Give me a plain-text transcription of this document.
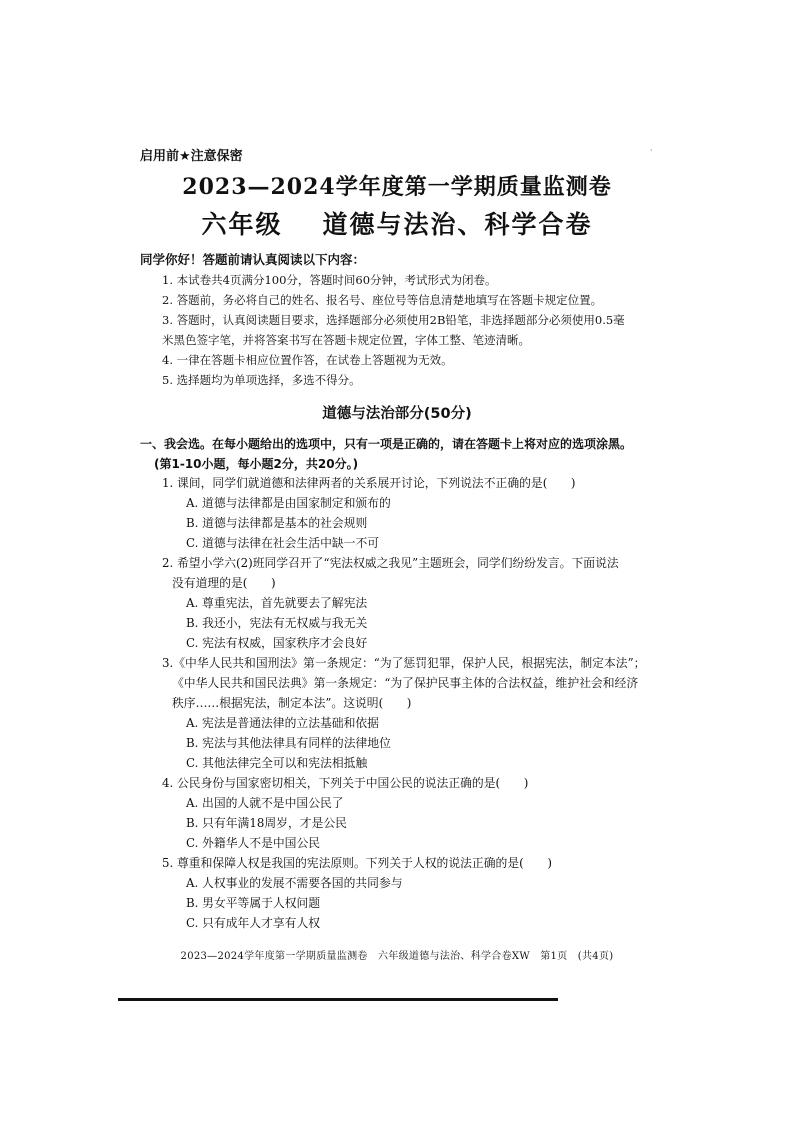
启用前★注意保密	·
2023—2024学年度第一学期质量监测卷
六年级 道德与法治、科学合卷
同学你好！答题前请认真阅读以下内容：
1. 本试卷共4页满分100分，答题时间60分钟，考试形式为闭卷。
2. 答题前，务必将自己的姓名、报名号、座位号等信息清楚地填写在答题卡规定位置。
3. 答题时，认真阅读题目要求，选择题部分必须使用2B铅笔，非选择题部分必须使用0.5毫
米黑色签字笔，并将答案书写在答题卡规定位置，字体工整、笔迹清晰。
4. 一律在答题卡相应位置作答，在试卷上答题视为无效。
5. 选择题均为单项选择，多选不得分。
道德与法治部分(50分)
一、我会选。在每小题给出的选项中，只有一项是正确的，请在答题卡上将对应的选项涂黑。
(第1-10小题，每小题2分，共20分。)
1. 课间，同学们就道德和法律两者的关系展开讨论，下列说法不正确的是(　　)
A. 道德与法律都是由国家制定和颁布的
B. 道德与法律都是基本的社会规则
C. 道德与法律在社会生活中缺一不可
2. 希望小学六(2)班同学召开了“宪法权威之我见”主题班会，同学们纷纷发言。下面说法
没有道理的是(　　)
A. 尊重宪法，首先就要去了解宪法
B. 我还小，宪法有无权威与我无关
C. 宪法有权威，国家秩序才会良好
3.《中华人民共和国刑法》第一条规定：“为了惩罚犯罪，保护人民，根据宪法，制定本法”；
《中华人民共和国民法典》第一条规定：“为了保护民事主体的合法权益，维护社会和经济
秩序……根据宪法，制定本法”。这说明(　　)
A. 宪法是普通法律的立法基础和依据
B. 宪法与其他法律具有同样的法律地位
C. 其他法律完全可以和宪法相抵触
4. 公民身份与国家密切相关，下列关于中国公民的说法正确的是(　　)
A. 出国的人就不是中国公民了
B. 只有年满18周岁，才是公民
C. 外籍华人不是中国公民
5. 尊重和保障人权是我国的宪法原则。下列关于人权的说法正确的是(　　)
A. 人权事业的发展不需要各国的共同参与
B. 男女平等属于人权问题
C. 只有成年人才享有人权
2023—2024学年度第一学期质量监测卷　六年级道德与法治、科学合卷XW　第1页　(共4页)
